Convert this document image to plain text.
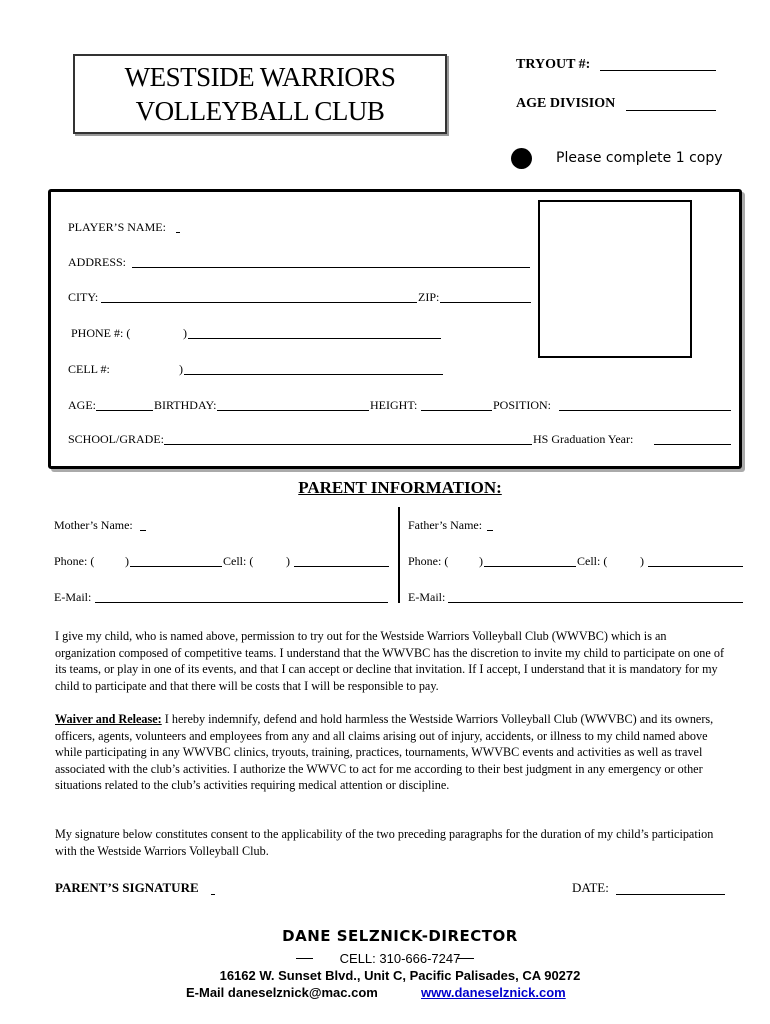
WESTSIDE WARRIORS
VOLLEYBALL CLUB
TRYOUT #:
AGE DIVISION
Please complete 1 copy
PLAYER’S NAME:
ADDRESS:
CITY:	ZIP:
PHONE #: (	)
CELL #:	)
AGE:	BIRTHDAY:	HEIGHT:	POSITION:
SCHOOL/GRADE:	HS Graduation Year:
PARENT INFORMATION:
Mother’s Name:	Father’s Name:
Phone: (	)	Cell: (	)	Phone: (	)	Cell: (	)
E-Mail:	E-Mail:
I give my child, who is named above, permission to try out for the Westside Warriors Volleyball Club (WWVBC) which is an organization composed of competitive teams. I understand that the WWVBC has the discretion to invite my child to participate on one of its teams, or play in one of its events, and that I can accept or decline that invitation. If I accept, I understand that it is mandatory for my child to participate and that there will be costs that I will be responsible to pay.
Waiver and Release: I hereby indemnify, defend and hold harmless the Westside Warriors Volleyball Club (WWVBC) and its owners, officers, agents, volunteers and employees from any and all claims arising out of injury, accidents, or illness to my child named above while participating in any WWVBC clinics, tryouts, training, practices, tournaments, WWVBC events and activities as well as travel associated with the club’s activities. I authorize the WWVC to act for me according to their best judgment in any emergency or other situations related to the club’s activities requiring medical attention or discipline.
My signature below constitutes consent to the applicability of the two preceding paragraphs for the duration of my child’s participation with the Westside Warriors Volleyball Club.
PARENT’S SIGNATURE	DATE:
DANE SELZNICK-DIRECTOR
CELL: 310-666-7247
16162 W. Sunset Blvd., Unit C, Pacific Palisades, CA 90272
E-Mail daneselznick@mac.com	www.daneselznick.com
